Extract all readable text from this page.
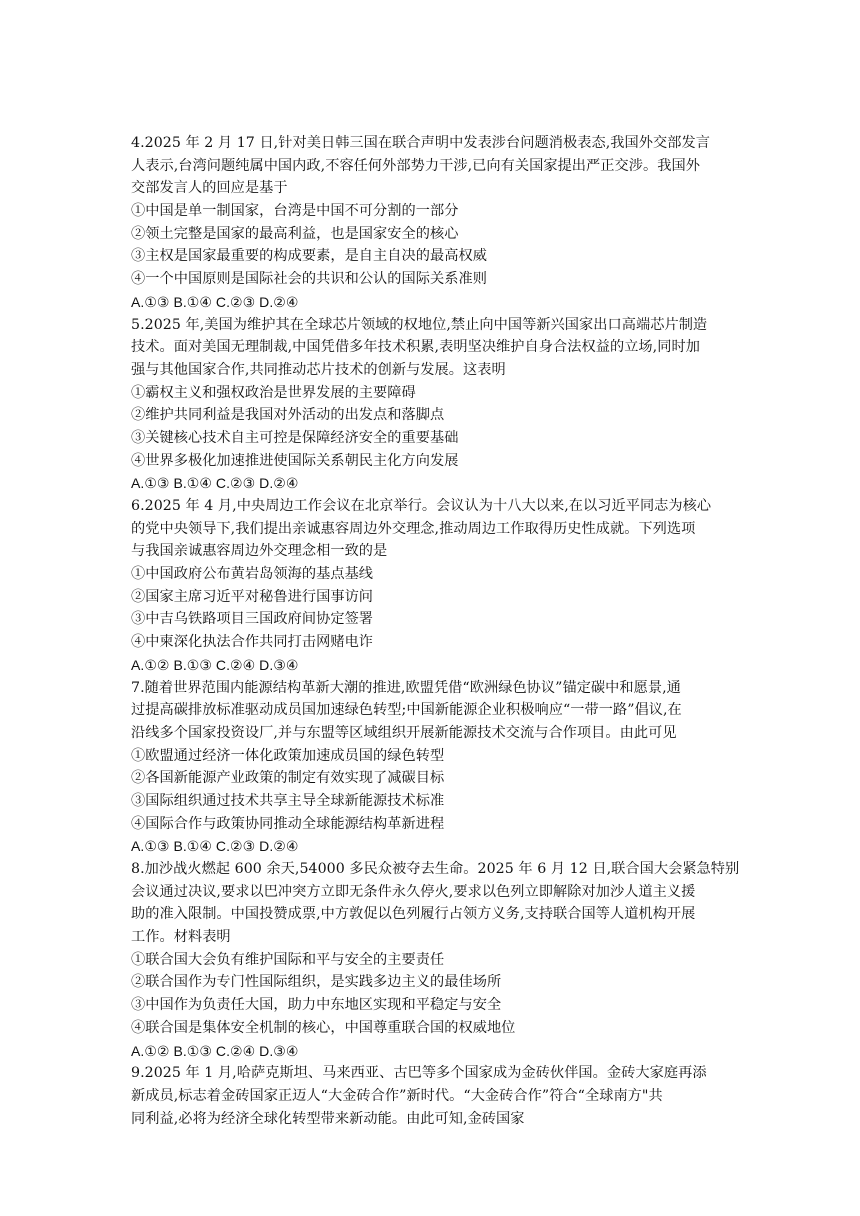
4.2025 年 2 月 17 日,针对美日韩三国在联合声明中发表涉台问题消极表态,我国外交部发言
人表示,台湾问题纯属中国内政,不容任何外部势力干涉,已向有关国家提出严正交涉。我国外
交部发言人的回应是基于
①中国是单一制国家，台湾是中国不可分割的一部分
②领土完整是国家的最高利益，也是国家安全的核心
③主权是国家最重要的构成要素，是自主自决的最高权威
④一个中国原则是国际社会的共识和公认的国际关系准则
A.①③ B.①④ C.②③ D.②④
5.2025 年,美国为维护其在全球芯片领域的权地位,禁止向中国等新兴国家出口高端芯片制造
技术。面对美国无理制裁,中国凭借多年技术积累,表明坚决维护自身合法权益的立场,同时加
强与其他国家合作,共同推动芯片技术的创新与发展。这表明
①霸权主义和强权政治是世界发展的主要障碍
②维护共同利益是我国对外活动的出发点和落脚点
③关键核心技术自主可控是保障经济安全的重要基础
④世界多极化加速推进使国际关系朝民主化方向发展
A.①③ B.①④ C.②③ D.②④
6.2025 年 4 月,中央周边工作会议在北京举行。会议认为十八大以来,在以习近平同志为核心
的党中央领导下,我们提出亲诚惠容周边外交理念,推动周边工作取得历史性成就。下列选项
与我国亲诚惠容周边外交理念相一致的是
①中国政府公布黄岩岛领海的基点基线
②国家主席习近平对秘鲁进行国事访问
③中吉乌铁路项目三国政府间协定签署
④中柬深化执法合作共同打击网赌电诈
A.①② B.①③ C.②④ D.③④
7.随着世界范围内能源结构革新大潮的推进,欧盟凭借“欧洲绿色协议”锚定碳中和愿景,通
过提高碳排放标准驱动成员国加速绿色转型;中国新能源企业积极响应“一带一路”倡议,在
沿线多个国家投资设厂,并与东盟等区域组织开展新能源技术交流与合作项目。由此可见
①欧盟通过经济一体化政策加速成员国的绿色转型
②各国新能源产业政策的制定有效实现了减碳目标
③国际组织通过技术共享主导全球新能源技术标准
④国际合作与政策协同推动全球能源结构革新进程
A.①③ B.①④ C.②③ D.②④
8.加沙战火燃起 600 余天,54000 多民众被夺去生命。2025 年 6 月 12 日,联合国大会紧急特别
会议通过决议,要求以巴冲突方立即无条件永久停火,要求以色列立即解除对加沙人道主义援
助的准入限制。中国投赞成票,中方敦促以色列履行占领方义务,支持联合国等人道机构开展
工作。材料表明
①联合国大会负有维护国际和平与安全的主要责任
②联合国作为专门性国际组织，是实践多边主义的最佳场所
③中国作为负责任大国，助力中东地区实现和平稳定与安全
④联合国是集体安全机制的核心，中国尊重联合国的权威地位
A.①② B.①③ C.②④ D.③④
9.2025 年 1 月,哈萨克斯坦、马来西亚、古巴等多个国家成为金砖伙伴国。金砖大家庭再添
新成员,标志着金砖国家正迈人“大金砖合作”新时代。“大金砖合作”符合“全球南方"共
同利益,必将为经济全球化转型带来新动能。由此可知,金砖国家
